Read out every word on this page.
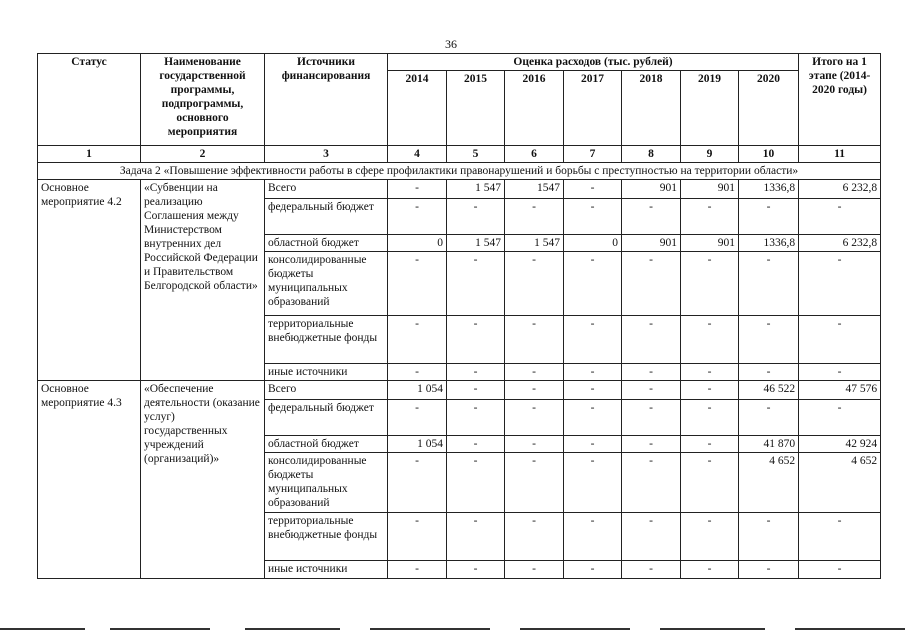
36
Статус	Наименование государственной программы, подпрограммы, основного мероприятия	Источники финансирования	Оценка расходов (тыс. рублей)							Итого на 1 этапе (2014-2020 годы)
			2014	2015	2016	2017	2018	2019	2020	
1	2	3	4	5	6	7	8	9	10	11
Задача 2 «Повышение эффективности работы в сфере профилактики правонарушений и борьбы с преступностью на территории области»										
Основное мероприятие 4.2	«Субвенции на реализацию Соглашения между Министерством внутренних дел Российской Федерации и Правительством Белгородской области»	Всего	-	1 547	1547	-	901	901	1336,8	6 232,8
		федеральный бюджет	-	-	-	-	-	-	-	-
		областной бюджет	0	1 547	1 547	0	901	901	1336,8	6 232,8
		консолидированные бюджеты муниципальных образований	-	-	-	-	-	-	-	-
		территориальные внебюджетные фонды	-	-	-	-	-	-	-	-
		иные источники	-	-	-	-	-	-	-	-
Основное мероприятие 4.3	«Обеспечение деятельности (оказание услуг) государственных учреждений (организаций)»	Всего	1 054	-	-	-	-	-	46 522	47 576
		федеральный бюджет	-	-	-	-	-	-	-	-
		областной бюджет	1 054	-	-	-	-	-	41 870	42 924
		консолидированные бюджеты муниципальных образований	-	-	-	-	-	-	4 652	4 652
		территориальные внебюджетные фонды	-	-	-	-	-	-	-	-
		иные источники	-	-	-	-	-	-	-	-
